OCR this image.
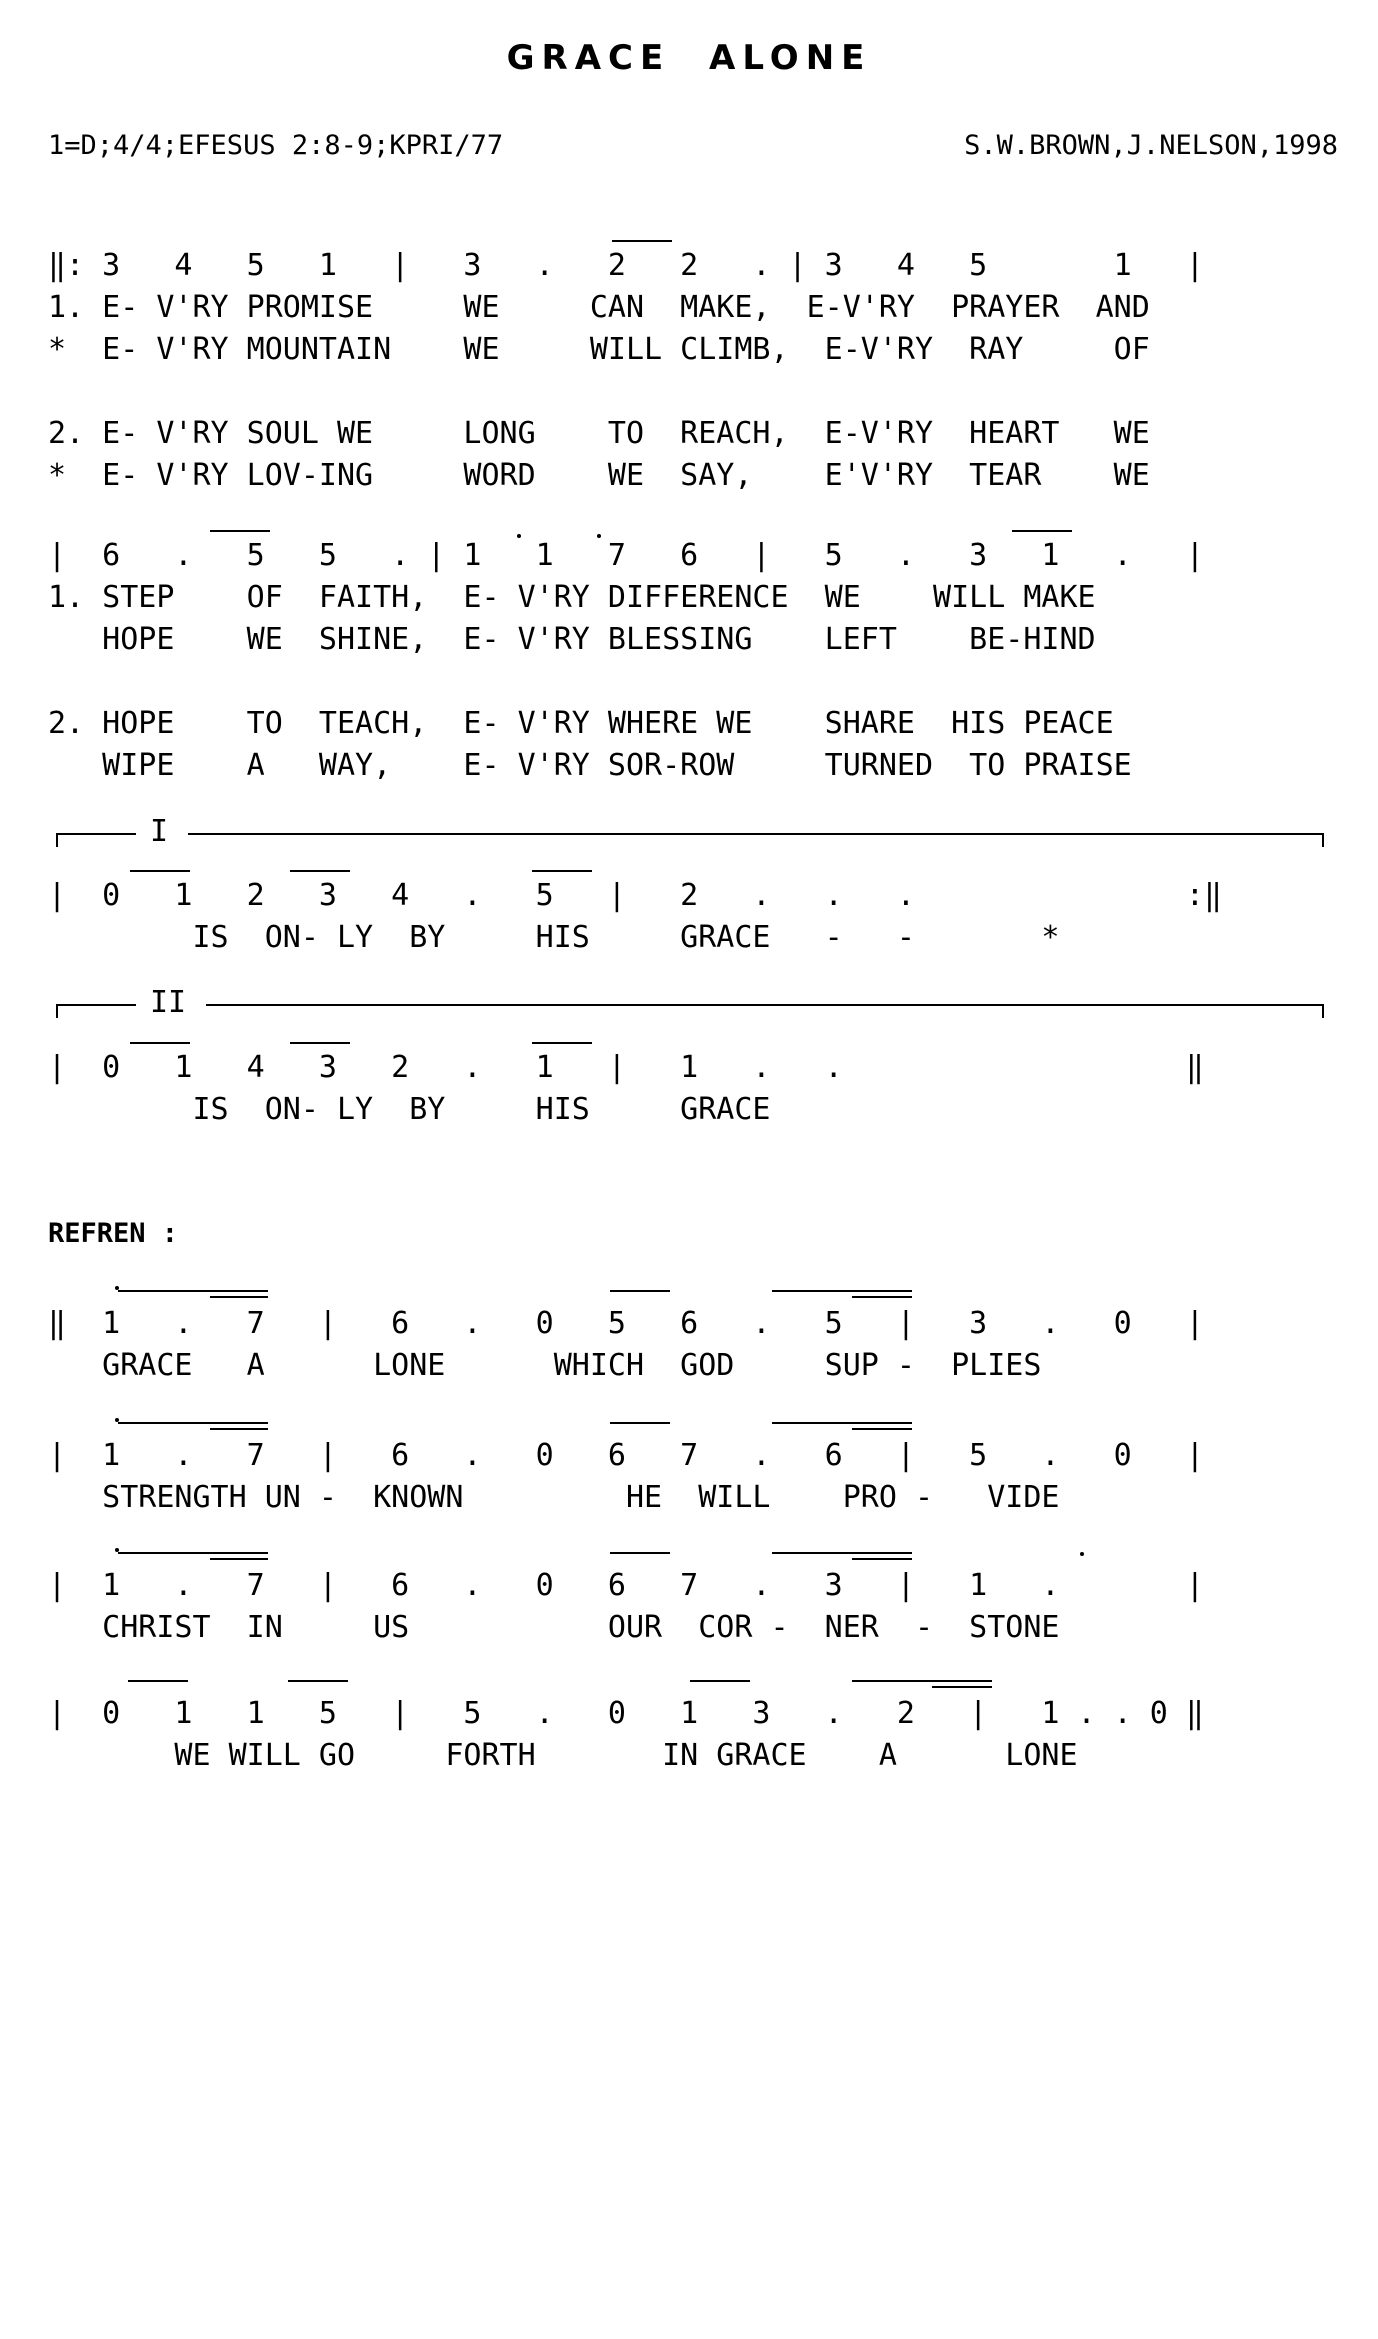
GRACE ALONE
1=D;4/4;EFESUS 2:8-9;KPRI/77	S.W.BROWN,J.NELSON,1998
‖: 3   4   5   1   |   3   .   2   2   . | 3   4   5       1   |
1. E- V'RY PROMISE     WE     CAN  MAKE,  E-V'RY  PRAYER  AND
*  E- V'RY MOUNTAIN    WE     WILL CLIMB,  E-V'RY  RAY     OF
2. E- V'RY SOUL WE     LONG    TO  REACH,  E-V'RY  HEART   WE
*  E- V'RY LOV-ING     WORD    WE  SAY,    E'V'RY  TEAR    WE
|  6   .   5   5   . | 1   1   7   6   |   5   .   3   1   .   |
1. STEP    OF  FAITH,  E- V'RY DIFFERENCE  WE    WILL MAKE
HOPE    WE  SHINE,  E- V'RY BLESSING    LEFT    BE-HIND
2. HOPE    TO  TEACH,  E- V'RY WHERE WE    SHARE  HIS PEACE
WIPE    A   WAY,    E- V'RY SOR-ROW     TURNED  TO PRAISE
I
|  0   1   2   3   4   .   5   |   2   .   .   .               :‖
IS  ON- LY  BY     HIS     GRACE   -   -       *
II
|  0   1   4   3   2   .   1   |   1   .   .                   ‖
IS  ON- LY  BY     HIS     GRACE
REFREN :
‖  1   .   7   |   6   .   0   5   6   .   5   |   3   .   0   |
GRACE   A      LONE      WHICH  GOD     SUP -  PLIES
|  1   .   7   |   6   .   0   6   7   .   6   |   5   .   0   |
STRENGTH UN -  KNOWN         HE  WILL    PRO -   VIDE
|  1   .   7   |   6   .   0   6   7   .   3   |   1   .       |
CHRIST  IN     US           OUR  COR -  NER  -  STONE
|  0   1   1   5   |   5   .   0   1   3   .   2   |   1 . . 0 ‖
WE WILL GO     FORTH       IN GRACE    A      LONE
